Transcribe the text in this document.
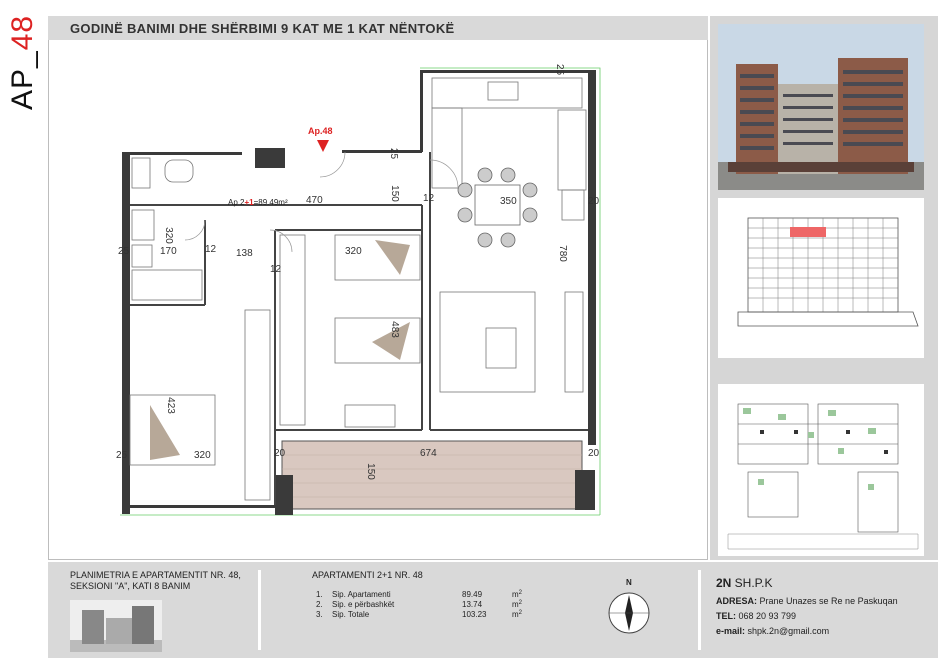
AP_48 GODINË BANIMI DHE SHËRBIMI 9 KAT ME 1 KAT NËNTOKË
Ap.48
Ap 2+1=89.49m² 470	150
25
25
12	350	20
320
170
25	12 138	320
12
780
483
423
25	320	20	674	20
150
PLANIMETRIA E APARTAMENTIT NR. 48,
SEKSIONI "A", KATI 8 BANIM
APARTAMENTI 2+1 NR. 48
1. Sip. Apartamenti	89.49	$m^2$
2. Sip. e përbashkët	13.74	$m^2$
3. Sip. Totale	103.23	$m^2$
N	2N SH.P.K
ADRESA: Prane Unazes se Re ne Paskuqan
TEL: 068 20 93 799
e-mail: shpk.2n@gmail.com
